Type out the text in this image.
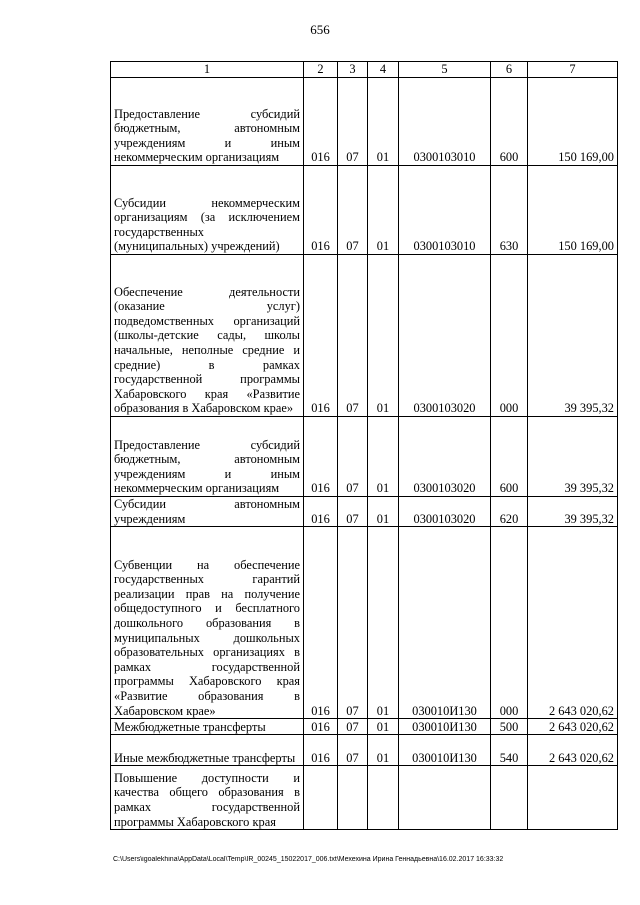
656
1	2	3	4	5	6	7
Предоставление субсидий бюджетным, автономным учреждениям и иным некоммерческим организациям	016	07	01	0300103010	600	150 169,00
Субсидии некоммерческим организациям (за исключением государственных (муниципальных) учреждений)	016	07	01	0300103010	630	150 169,00
Обеспечение деятельности (оказание услуг) подведомственных организаций (школы-детские сады, школы начальные, неполные средние и средние) в рамках государственной программы Хабаровского края «Развитие образования в Хабаровском крае»	016	07	01	0300103020	000	39 395,32
Предоставление субсидий бюджетным, автономным учреждениям и иным некоммерческим организациям	016	07	01	0300103020	600	39 395,32
Субсидии автономным учреждениям	016	07	01	0300103020	620	39 395,32
Субвенции на обеспечение государственных гарантий реализации прав на получение общедоступного и бесплатного дошкольного образования в муниципальных дошкольных образовательных организациях в рамках государственной программы Хабаровского края «Развитие образования в Хабаровском крае»	016	07	01	030010И130	000	2 643 020,62
Межбюджетные трансферты	016	07	01	030010И130	500	2 643 020,62
Иные межбюджетные трансферты	016	07	01	030010И130	540	2 643 020,62
Повышение доступности и качества общего образования в рамках государственной программы Хабаровского края						
C:\Users\igoalekhina\AppData\Local\Temp\IR_00245_15022017_006.txt\Мехехина Ирина Геннадьевна\16.02.2017 16:33:32
